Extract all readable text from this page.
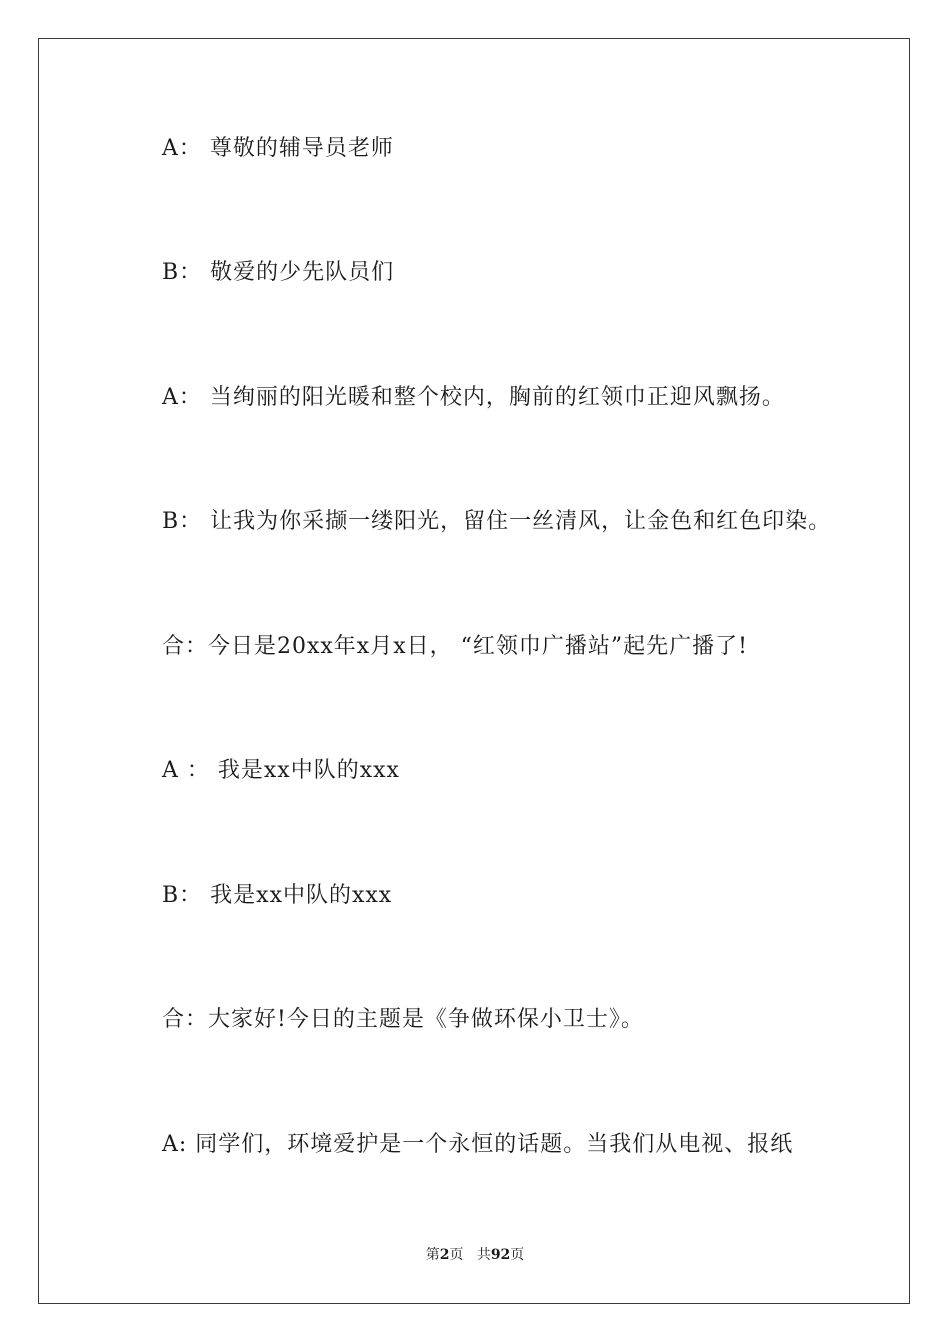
A： 尊敬的辅导员老师
B： 敬爱的少先队员们
A： 当绚丽的阳光暖和整个校内，胸前的红领巾正迎风飘扬。
B： 让我为你采撷一缕阳光，留住一丝清风，让金色和红色印染。
合：今日是20xx年x月x日， “红领巾广播站”起先广播了!
A ： 我是xx中队的xxx
B： 我是xx中队的xxx
合：大家好!今日的主题是《争做环保小卫士》。
A: 同学们，环境爱护是一个永恒的话题。当我们从电视、报纸
第2页 共92页
